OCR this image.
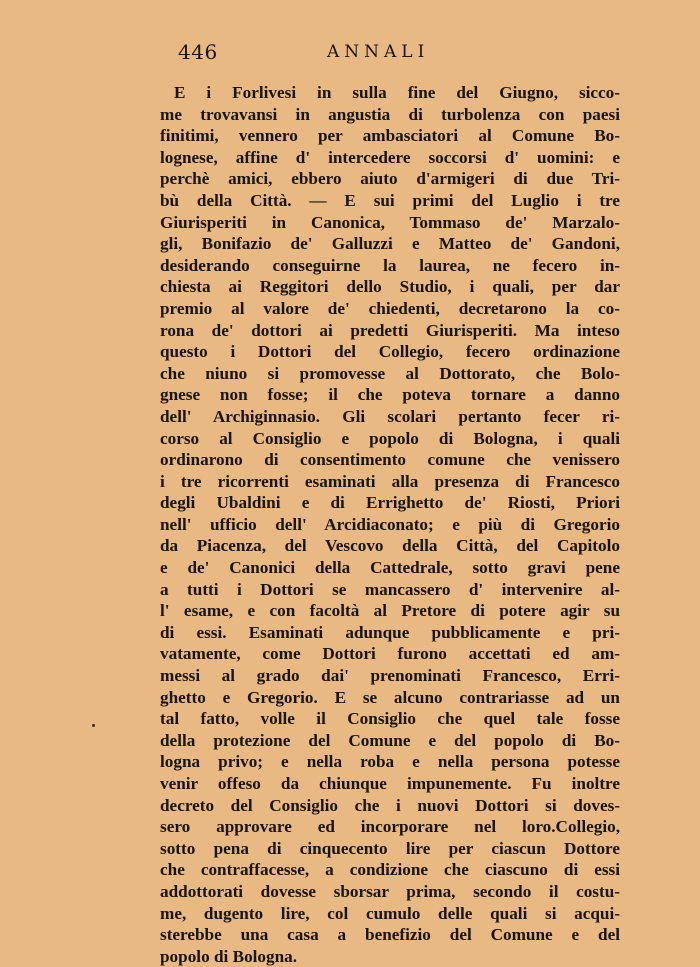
446	ANNALI
E i Forlivesi in sulla fine del Giugno, sicco-
me trovavansi in angustia di turbolenza con paesi
finitimi, vennero per ambasciatori al Comune Bo-
lognese, affine d' intercedere soccorsi d' uomini: e
perchè amici, ebbero aiuto d'armigeri di due Tri-
bù della Città. — E sui primi del Luglio i tre
Giurisperiti in Canonica, Tommaso de' Marzalo-
gli, Bonifazio de' Galluzzi e Matteo de' Gandoni,
desiderando conseguirne la laurea, ne fecero in-
chiesta ai Reggitori dello Studio, i quali, per dar
premio al valore de' chiedenti, decretarono la co-
rona de' dottori ai predetti Giurisperiti. Ma inteso
questo i Dottori del Collegio, fecero ordinazione
che niuno si promovesse al Dottorato, che Bolo-
gnese non fosse; il che poteva tornare a danno
dell' Archiginnasio. Gli scolari pertanto fecer ri-
corso al Consiglio e popolo di Bologna, i quali
ordinarono di consentimento comune che venissero
i tre ricorrenti esaminati alla presenza di Francesco
degli Ubaldini e di Errighetto de' Riosti, Priori
nell' ufficio dell' Arcidiaconato; e più di Gregorio
da Piacenza, del Vescovo della Città, del Capitolo
e de' Canonici della Cattedrale, sotto gravi pene
a tutti i Dottori se mancassero d' intervenire al-
l' esame, e con facoltà al Pretore di potere agir su
di essi. Esaminati adunque pubblicamente e pri-
vatamente, come Dottori furono accettati ed am-
messi al grado dai' prenominati Francesco, Erri-
ghetto e Gregorio. E se alcuno contrariasse ad un
tal fatto, volle il Consiglio che quel tale fosse
della protezione del Comune e del popolo di Bo-
logna privo; e nella roba e nella persona potesse
venir offeso da chiunque impunemente. Fu inoltre
decreto del Consiglio che i nuovi Dottori si doves-
sero approvare ed incorporare nel loro.Collegio,
sotto pena di cinquecento lire per ciascun Dottore
che contraffacesse, a condizione che ciascuno di essi
addottorati dovesse sborsar prima, secondo il costu-
me, dugento lire, col cumulo delle quali si acqui-
sterebbe una casa a benefizio del Comune e del
popolo di Bologna.
